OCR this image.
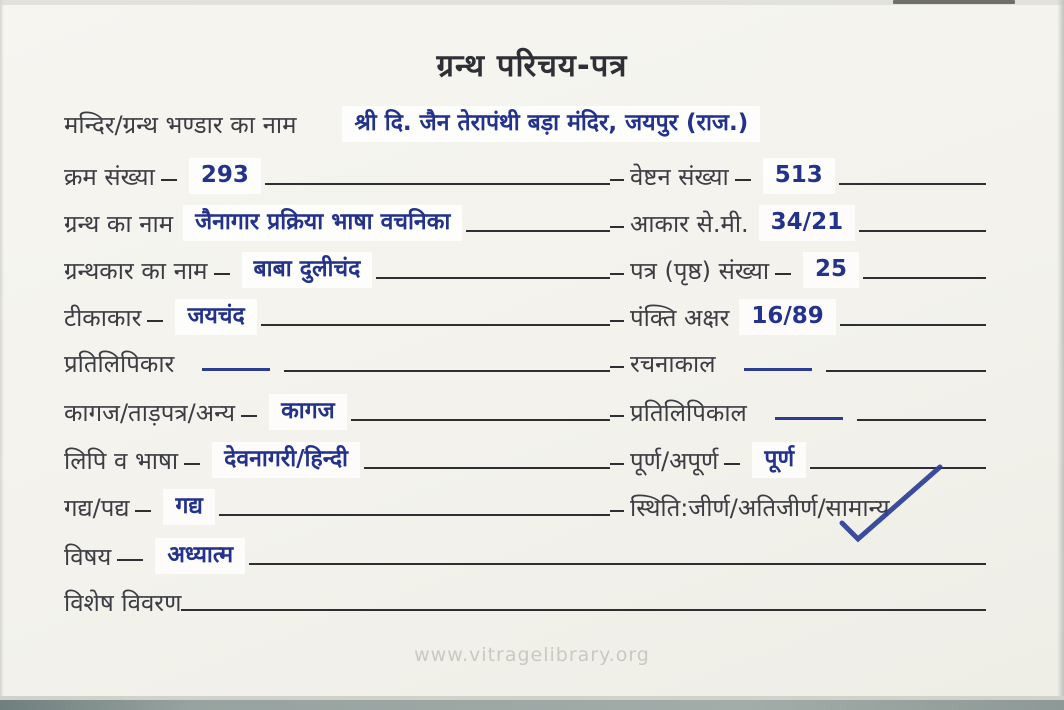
ग्रन्थ परिचय-पत्र
मन्दिर/ग्रन्थ भण्डार का नाम	श्री दि. जैन तेरापंथी बड़ा मंदिर, जयपुर (राज.)
क्रम संख्या	293	वेष्टन संख्या	513
ग्रन्थ का नाम जैनागार प्रक्रिया भाषा वचनिका	आकार से.मी. 34/21
ग्रन्थकार का नाम	बाबा दुलीचंद	पत्र (पृष्ठ) संख्या	25
टीकाकार	जयचंद	पंक्ति अक्षर 16/89
प्रतिलिपिकार	रचनाकाल
कागज/ताड़पत्र/अन्य	कागज	प्रतिलिपिकाल
लिपि व भाषा	देवनागरी/हिन्दी	पूर्ण/अपूर्ण	पूर्ण
गद्य/पद्य	गद्य	स्थिति:जीर्ण/अतिजीर्ण/सामान्य
विषय	अध्यात्म
विशेष विवरण
www.vitragelibrary.org
